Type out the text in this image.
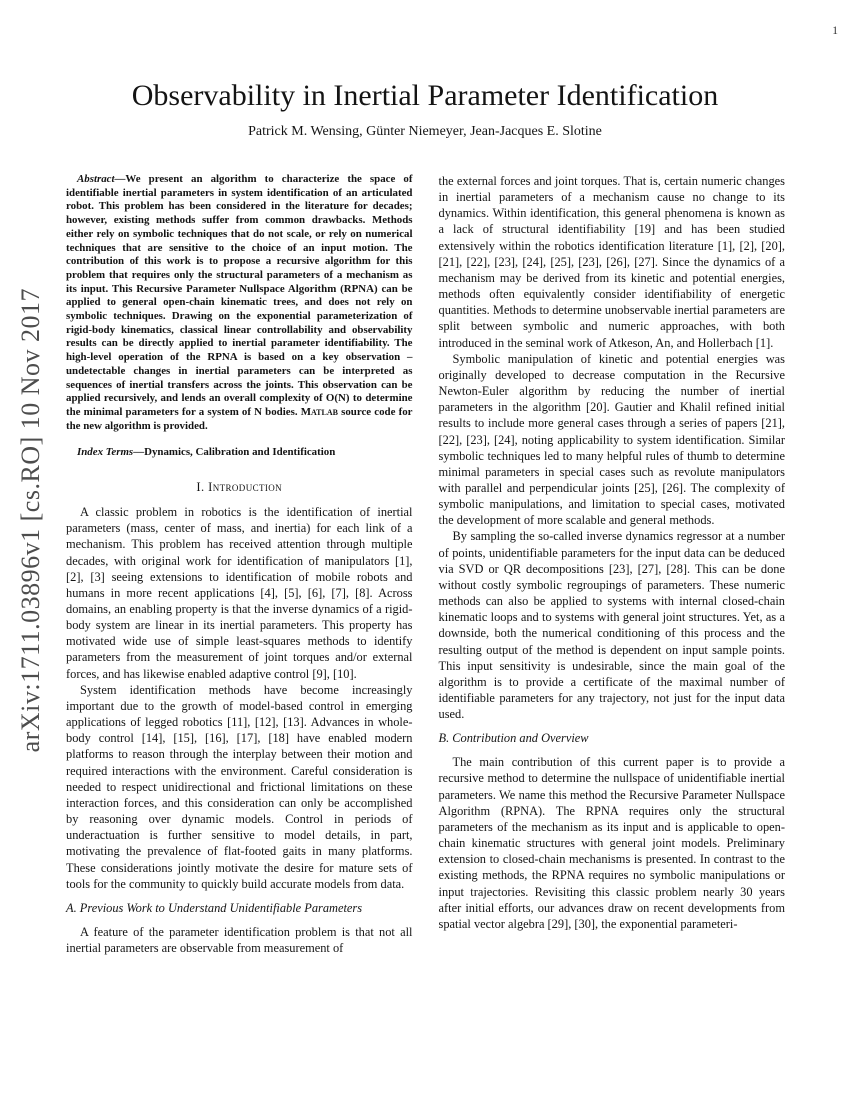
1
arXiv:1711.03896v1 [cs.RO] 10 Nov 2017
Observability in Inertial Parameter Identification
Patrick M. Wensing, Günter Niemeyer, Jean-Jacques E. Slotine

Abstract—We present an algorithm to characterize the space of identifiable inertial parameters in system identification of an articulated robot. This problem has been considered in the literature for decades; however, existing methods suffer from common drawbacks. Methods either rely on symbolic techniques that do not scale, or rely on numerical techniques that are sensitive to the choice of an input motion. The contribution of this work is to propose a recursive algorithm for this problem that requires only the structural parameters of a mechanism as its input. This Recursive Parameter Nullspace Algorithm (RPNA) can be applied to general open-chain kinematic trees, and does not rely on symbolic techniques. Drawing on the exponential parameterization of rigid-body kinematics, classical linear controllability and observability results can be directly applied to inertial parameter identifiability. The high-level operation of the RPNA is based on a key observation – undetectable changes in inertial parameters can be interpreted as sequences of inertial transfers across the joints. This observation can be applied recursively, and lends an overall complexity of O(N) to determine the minimal parameters for a system of N bodies. Matlab source code for the new algorithm is provided.

Index Terms—Dynamics, Calibration and Identification

I. Introduction

A classic problem in robotics is the identification of inertial parameters (mass, center of mass, and inertia) for each link of a mechanism. This problem has received attention through multiple decades, with original work for identification of manipulators [1], [2], [3] seeing extensions to identification of mobile robots and humans in more recent applications [4], [5], [6], [7], [8]. Across domains, an enabling property is that the inverse dynamics of a rigid-body system are linear in its inertial parameters. This property has motivated wide use of simple least-squares methods to identify parameters from the measurement of joint torques and/or external forces, and has likewise enabled adaptive control [9], [10].

System identification methods have become increasingly important due to the growth of model-based control in emerging applications of legged robotics [11], [12], [13]. Advances in whole-body control [14], [15], [16], [17], [18] have enabled modern platforms to reason through the interplay between their motion and required interactions with the environment. Careful consideration is needed to respect unidirectional and frictional limitations on these interaction forces, and this consideration can only be accomplished by reasoning over dynamic models. Control in periods of underactuation is further sensitive to model details, in part, motivating the prevalence of flat-footed gaits in many platforms. These considerations jointly motivate the desire for mature sets of tools for the community to quickly build accurate models from data.

A. Previous Work to Understand Unidentifiable Parameters

A feature of the parameter identification problem is that not all inertial parameters are observable from measurement of

the external forces and joint torques. That is, certain numeric changes in inertial parameters of a mechanism cause no change to its dynamics. Within identification, this general phenomena is known as a lack of structural identifiability [19] and has been studied extensively within the robotics identification literature [1], [2], [20], [21], [22], [23], [24], [25], [23], [26], [27]. Since the dynamics of a mechanism may be derived from its kinetic and potential energies, methods often equivalently consider identifiability of energetic quantities. Methods to determine unobservable inertial parameters are split between symbolic and numeric approaches, with both introduced in the seminal work of Atkeson, An, and Hollerbach [1].

Symbolic manipulation of kinetic and potential energies was originally developed to decrease computation in the Recursive Newton-Euler algorithm by reducing the number of inertial parameters in the algorithm [20]. Gautier and Khalil refined initial results to include more general cases through a series of papers [21], [22], [23], [24], noting applicability to system identification. Similar symbolic techniques led to many helpful rules of thumb to determine minimal parameters in special cases such as revolute manipulators with parallel and perpendicular joints [25], [26]. The complexity of symbolic manipulations, and limitation to special cases, motivated the development of more scalable and general methods.

By sampling the so-called inverse dynamics regressor at a number of points, unidentifiable parameters for the input data can be deduced via SVD or QR decompositions [23], [27], [28]. This can be done without costly symbolic regroupings of parameters. These numeric methods can also be applied to systems with internal closed-chain kinematic loops and to systems with general joint structures. Yet, as a downside, both the numerical conditioning of this process and the resulting output of the method is dependent on input sample points. This input sensitivity is undesirable, since the main goal of the algorithm is to provide a certificate of the maximal number of identifiable parameters for any trajectory, not just for the input data used.

B. Contribution and Overview

The main contribution of this current paper is to provide a recursive method to determine the nullspace of unidentifiable inertial parameters. We name this method the Recursive Parameter Nullspace Algorithm (RPNA). The RPNA requires only the structural parameters of the mechanism as its input and is applicable to open-chain kinematic structures with general joint models. Preliminary extension to closed-chain mechanisms is presented. In contrast to the existing methods, the RPNA requires no symbolic manipulations or input trajectories. Revisiting this classic problem nearly 30 years after initial efforts, our advances draw on recent developments from spatial vector algebra [29], [30], the exponential parameteri-
